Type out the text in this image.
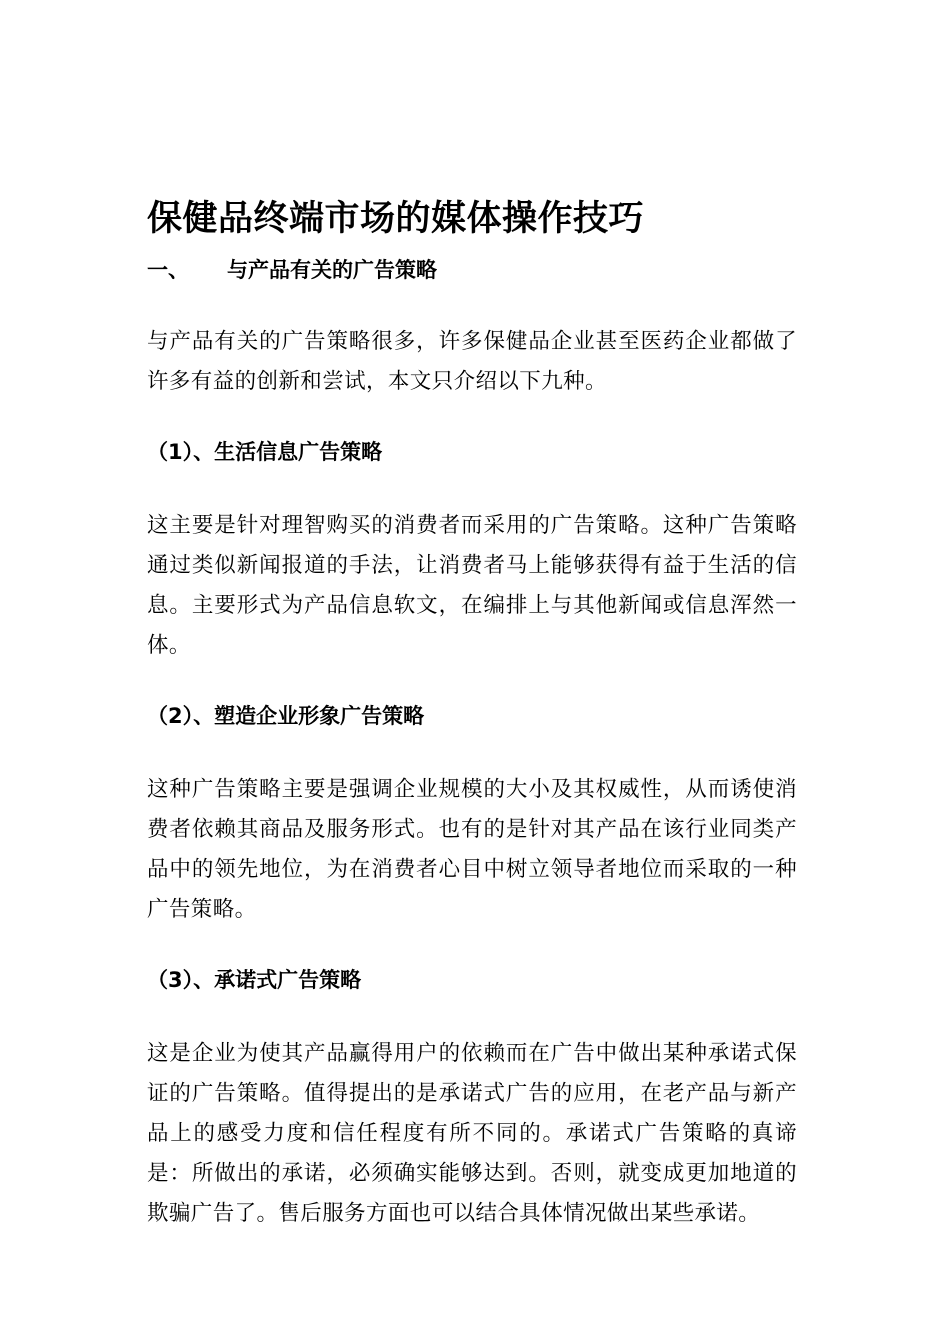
保健品终端市场的媒体操作技巧
一、	与产品有关的广告策略

与产品有关的广告策略很多，许多保健品企业甚至医药企业都做了许多有益的创新和尝试，本文只介绍以下九种。

（1）、生活信息广告策略

这主要是针对理智购买的消费者而采用的广告策略。这种广告策略通过类似新闻报道的手法，让消费者马上能够获得有益于生活的信息。主要形式为产品信息软文，在编排上与其他新闻或信息浑然一体。

（2）、塑造企业形象广告策略

这种广告策略主要是强调企业规模的大小及其权威性，从而诱使消费者依赖其商品及服务形式。也有的是针对其产品在该行业同类产品中的领先地位，为在消费者心目中树立领导者地位而采取的一种广告策略。

（3）、承诺式广告策略

这是企业为使其产品赢得用户的依赖而在广告中做出某种承诺式保证的广告策略。值得提出的是承诺式广告的应用，在老产品与新产品上的感受力度和信任程度有所不同的。承诺式广告策略的真谛是：所做出的承诺，必须确实能够达到。否则，就变成更加地道的欺骗广告了。售后服务方面也可以结合具体情况做出某些承诺。
